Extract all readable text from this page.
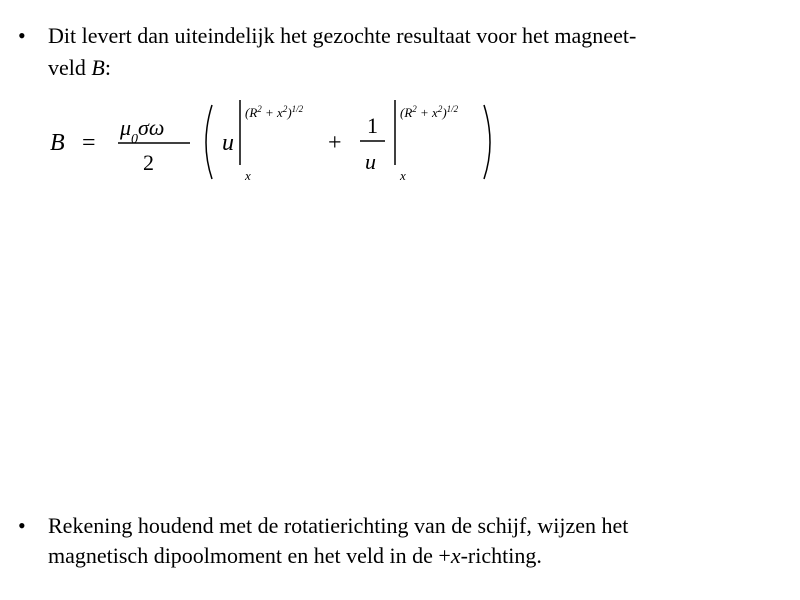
• Dit levert dan uiteindelijk het gezochte resultaat voor het magneet-
veld B:
B =
$\mu_0\sigma\omega$
2
u
$(R^2 + x^2)^{1/2}$
x
+
1
u
$(R^2 + x^2)^{1/2}$
x
• Rekening houdend met de rotatierichting van de schijf, wijzen het
magnetisch dipoolmoment en het veld in de +x-richting.
